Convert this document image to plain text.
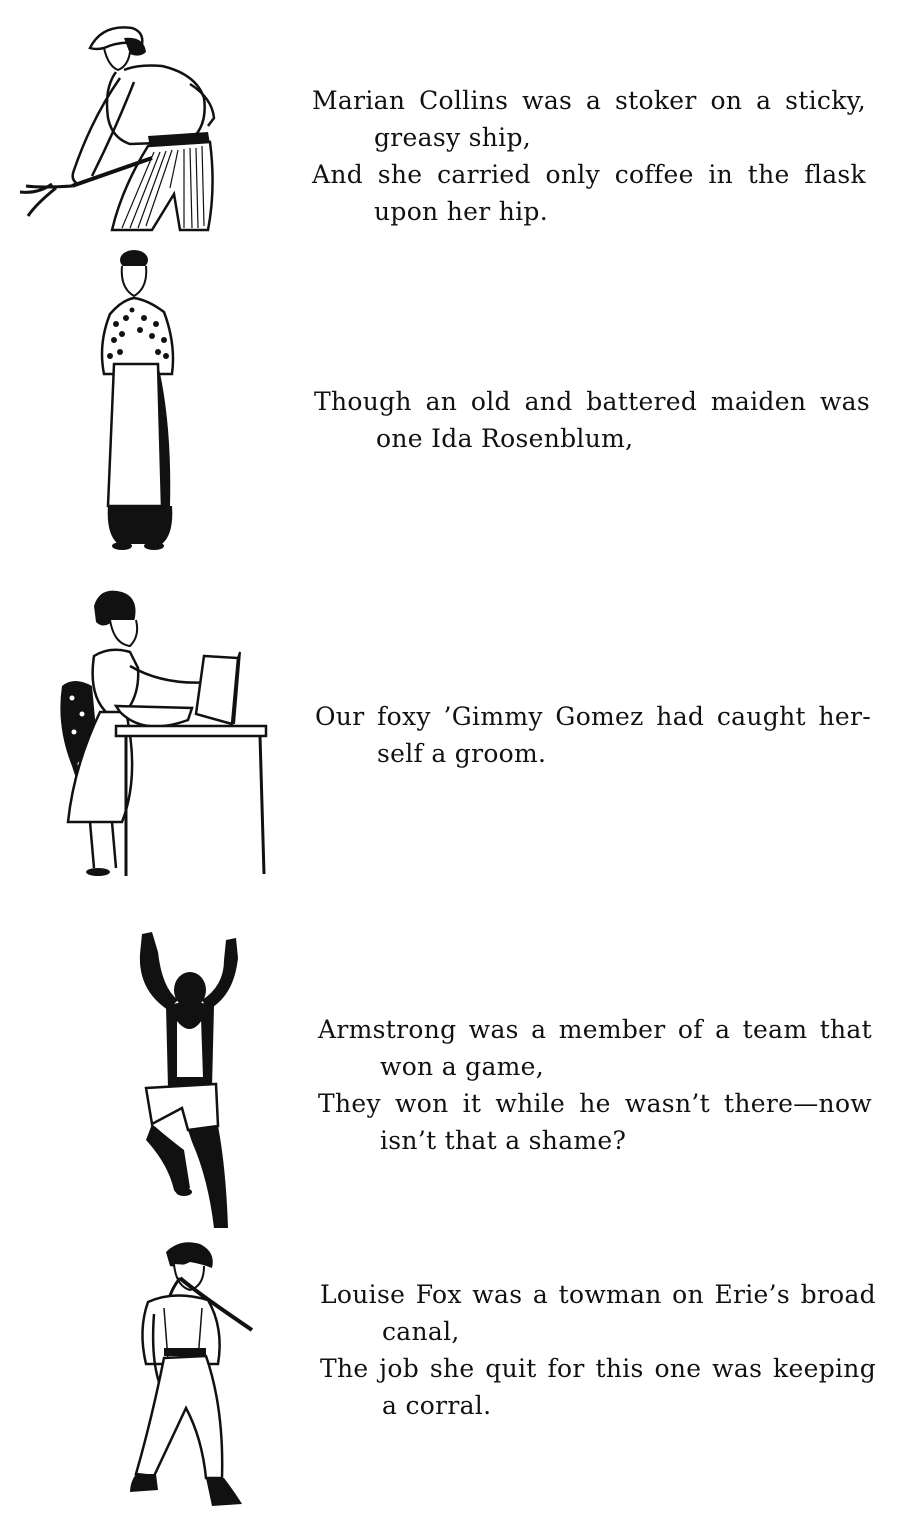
Marian Collins was a stoker on a sticky,
greasy ship,
And she carried only coffee in the flask
upon her hip.
Though an old and battered maiden was
one Ida Rosenblum,
Our foxy ’Gimmy Gomez had caught her-
self a groom.
Armstrong was a member of a team that
won a game,
They won it while he wasn’t there—now
isn’t that a shame?
Louise Fox was a towman on Erie’s broad
canal,
The job she quit for this one was keeping
a corral.
